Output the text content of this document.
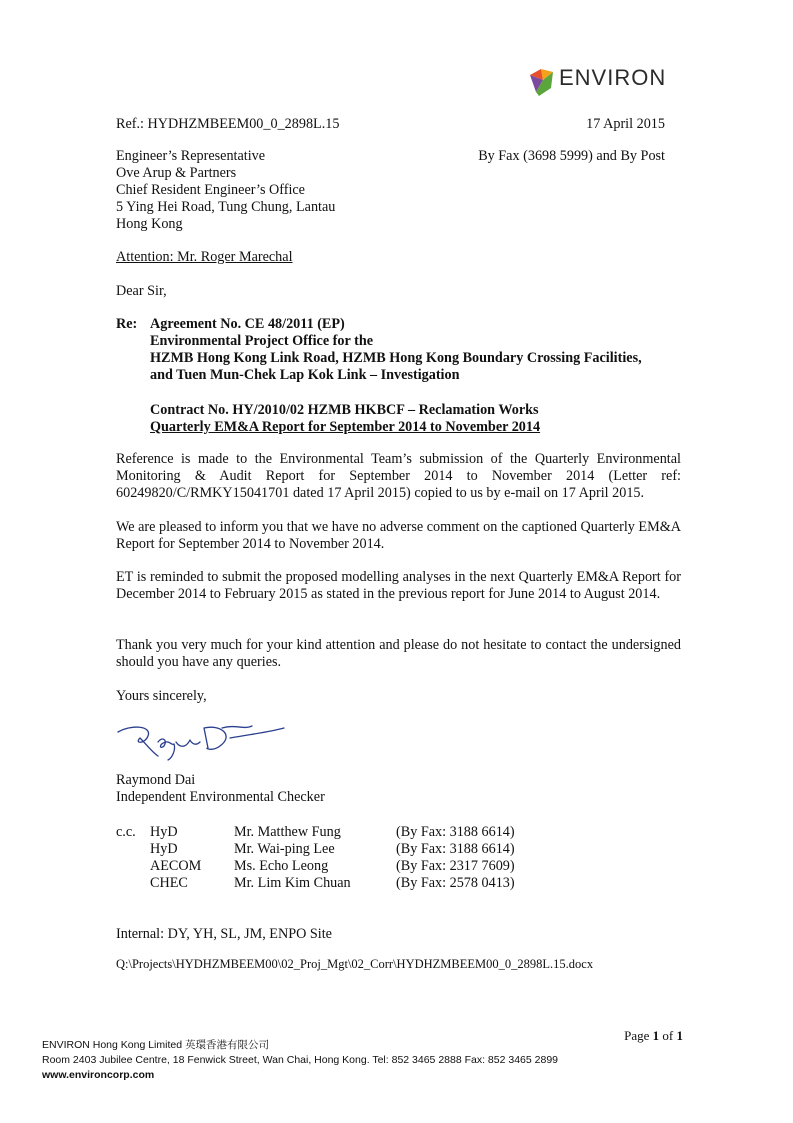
ENVIRON
Ref.: HYDHZMBEEM00_0_2898L.15	17 April 2015
Engineer’s Representative
Ove Arup & Partners
Chief Resident Engineer’s Office
5 Ying Hei Road, Tung Chung, Lantau
Hong Kong
By Fax (3698 5999) and By Post
Attention: Mr. Roger Marechal
Dear Sir,
Re: Agreement No. CE 48/2011 (EP)
Environmental Project Office for the
HZMB Hong Kong Link Road, HZMB Hong Kong Boundary Crossing Facilities,
and Tuen Mun-Chek Lap Kok Link – Investigation
Contract No. HY/2010/02 HZMB HKBCF – Reclamation Works
Quarterly EM&A Report for September 2014 to November 2014
Reference is made to the Environmental Team’s submission of the Quarterly Environmental Monitoring & Audit Report for September 2014 to November 2014 (Letter ref: 60249820/C/RMKY15041701 dated 17 April 2015) copied to us by e-mail on 17 April 2015.
We are pleased to inform you that we have no adverse comment on the captioned Quarterly EM&A Report for September 2014 to November 2014.
ET is reminded to submit the proposed modelling analyses in the next Quarterly EM&A Report for December 2014 to February 2015 as stated in the previous report for June 2014 to August 2014.
Thank you very much for your kind attention and please do not hesitate to contact the undersigned should you have any queries.
Yours sincerely,
Raymond Dai
Independent Environmental Checker
c.c.	HyD	Mr. Matthew Fung	(By Fax: 3188 6614)
	HyD	Mr. Wai-ping Lee	(By Fax: 3188 6614)
	AECOM	Ms. Echo Leong	(By Fax: 2317 7609)
	CHEC	Mr. Lim Kim Chuan	(By Fax: 2578 0413)
Internal: DY, YH, SL, JM, ENPO Site
Q:\Projects\HYDHZMBEEM00\02_Proj_Mgt\02_Corr\HYDHZMBEEM00_0_2898L.15.docx
Page 1 of 1
ENVIRON Hong Kong Limited 英環香港有限公司
Room 2403 Jubilee Centre, 18 Fenwick Street, Wan Chai, Hong Kong. Tel: 852 3465 2888 Fax: 852 3465 2899
www.environcorp.com
